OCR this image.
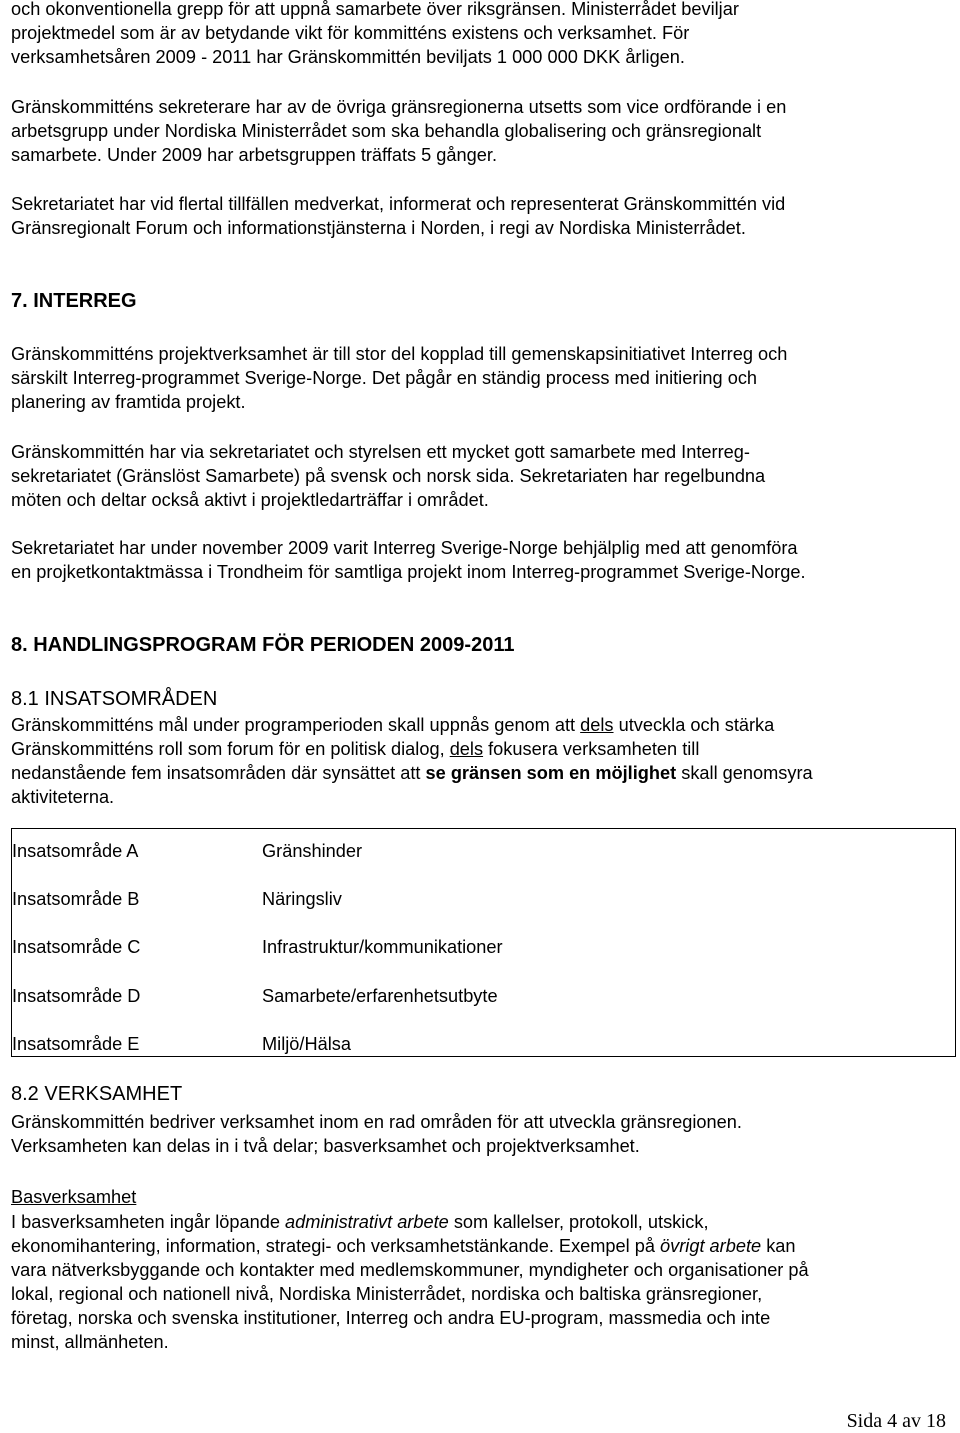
och okonventionella grepp för att uppnå samarbete över riksgränsen. Ministerrådet beviljar
projektmedel som är av betydande vikt för kommitténs existens och verksamhet. För
verksamhetsåren 2009 - 2011 har Gränskommittén beviljats 1 000 000 DKK årligen.

Gränskommitténs sekreterare har av de övriga gränsregionerna utsetts som vice ordförande i en
arbetsgrupp under Nordiska Ministerrådet som ska behandla globalisering och gränsregionalt
samarbete. Under 2009 har arbetsgruppen träffats 5 gånger.

Sekretariatet har vid flertal tillfällen medverkat, informerat och representerat Gränskommittén vid
Gränsregionalt Forum och informationstjänsterna i Norden, i regi av Nordiska Ministerrådet.

7. INTERREG

Gränskommitténs projektverksamhet är till stor del kopplad till gemenskapsinitiativet Interreg och
särskilt Interreg-programmet Sverige-Norge. Det pågår en ständig process med initiering och
planering av framtida projekt.

Gränskommittén har via sekretariatet och styrelsen ett mycket gott samarbete med Interreg-
sekretariatet (Gränslöst Samarbete) på svensk och norsk sida. Sekretariaten har regelbundna
möten och deltar också aktivt i projektledarträffar i området.

Sekretariatet har under november 2009 varit Interreg Sverige-Norge behjälplig med att genomföra
en projketkontaktmässa i Trondheim för samtliga projekt inom Interreg-programmet Sverige-Norge.

8. HANDLINGSPROGRAM FÖR PERIODEN 2009-2011
8.1 INSATSOMRÅDEN

Gränskommitténs mål under programperioden skall uppnås genom att dels utveckla och stärka
Gränskommitténs roll som forum för en politisk dialog, dels fokusera verksamheten till
nedanstående fem insatsområden där synsättet att se gränsen som en möjlighet skall genomsyra
aktiviteterna.

Insatsområde A	Gränshinder
Insatsområde B	Näringsliv
Insatsområde C	Infrastruktur/kommunikationer
Insatsområde D	Samarbete/erfarenhetsutbyte
Insatsområde E	Miljö/Hälsa
8.2 VERKSAMHET

Gränskommittén bedriver verksamhet inom en rad områden för att utveckla gränsregionen.
Verksamheten kan delas in i två delar; basverksamhet och projektverksamhet.

Basverksamhet

I basverksamheten ingår löpande administrativt arbete som kallelser, protokoll, utskick,
ekonomihantering, information, strategi- och verksamhetstänkande. Exempel på övrigt arbete kan
vara nätverksbyggande och kontakter med medlemskommuner, myndigheter och organisationer på
lokal, regional och nationell nivå, Nordiska Ministerrådet, nordiska och baltiska gränsregioner,
företag, norska och svenska institutioner, Interreg och andra EU-program, massmedia och inte
minst, allmänheten.

Sida 4 av 18
